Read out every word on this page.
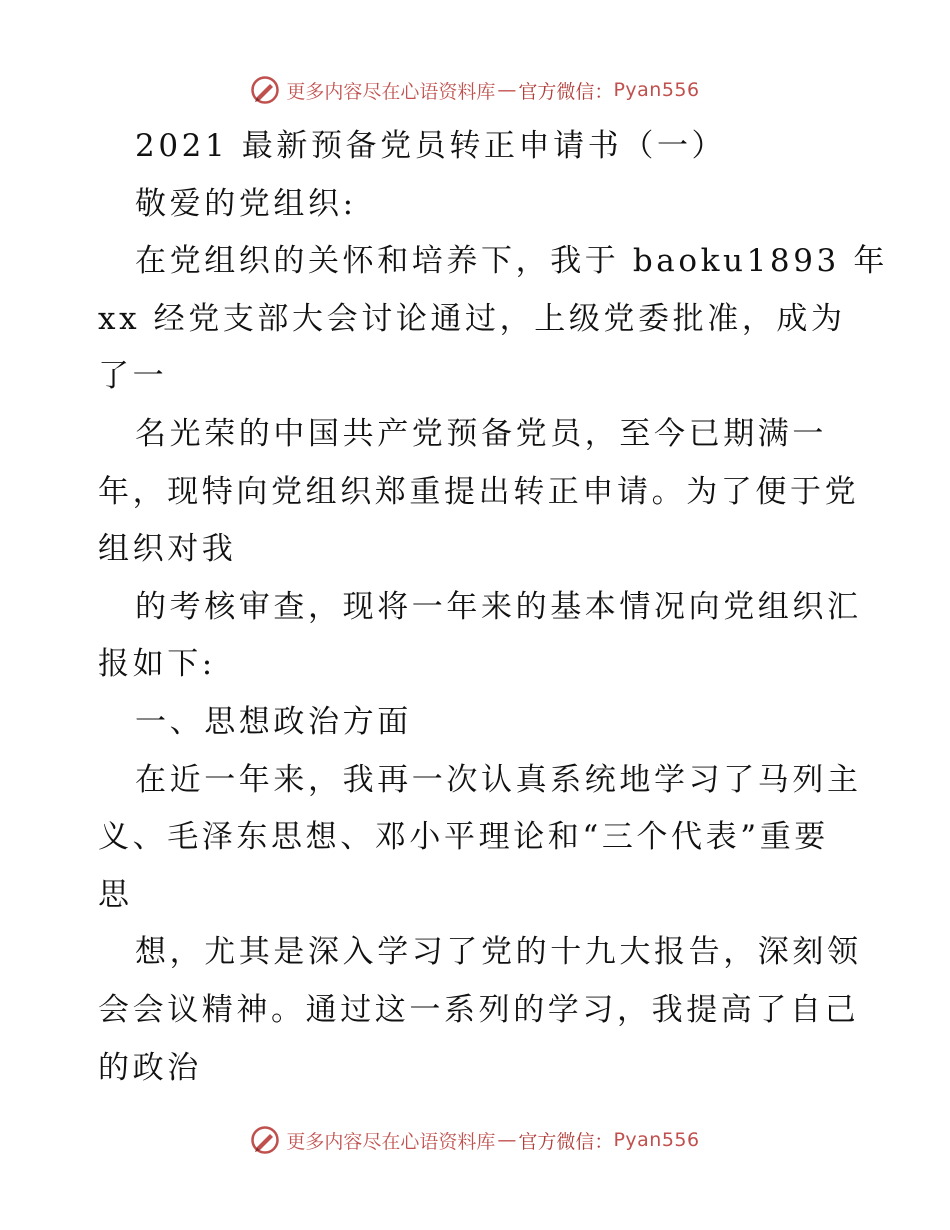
更多内容尽在心语资料库 — 官方微信： Pyan556
2021 最新预备党员转正申请书（一）
敬爱的党组织:
在党组织的关怀和培养下，我于 baoku1893 年
xx 经党支部大会讨论通过，上级党委批准，成为
了一
名光荣的中国共产党预备党员，至今已期满一
年，现特向党组织郑重提出转正申请。为了便于党
组织对我
的考核审查，现将一年来的基本情况向党组织汇
报如下:
一、思想政治方面
在近一年来，我再一次认真系统地学习了马列主
义、毛泽东思想、邓小平理论和“三个代表”重要
思
想，尤其是深入学习了党的十九大报告，深刻领
会会议精神。通过这一系列的学习，我提高了自己
的政治
更多内容尽在心语资料库 — 官方微信： Pyan556
